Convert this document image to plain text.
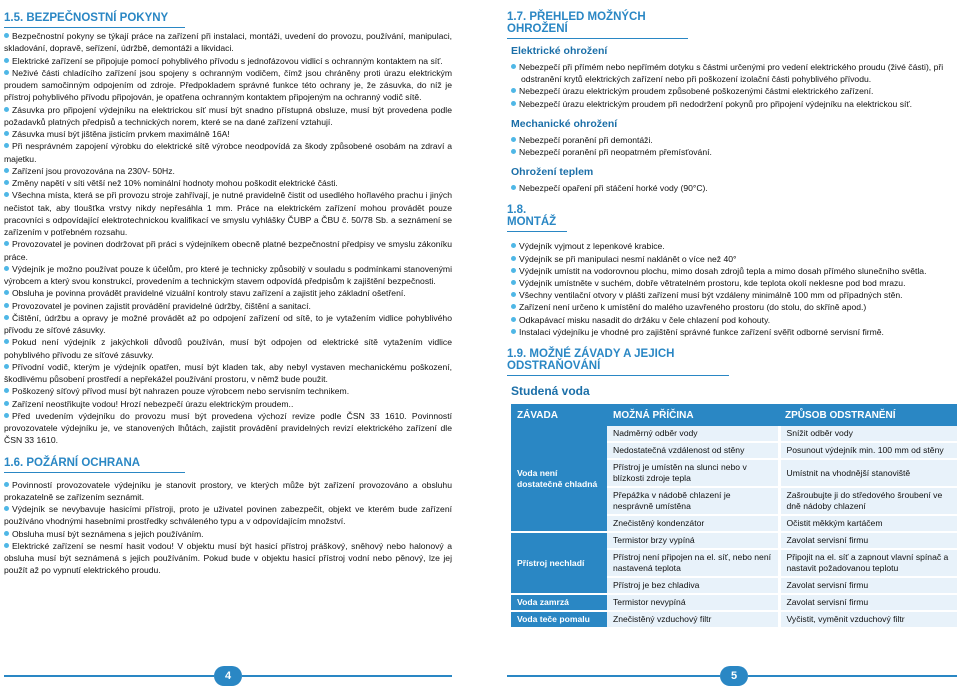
1.5. BEZPEČNOSTNÍ POKYNY

Bezpečnostní pokyny se týkají práce na zařízení při instalaci, montáži, uvedení do provozu, používání, manipulaci, skladování, dopravě, seřízení, údržbě, demontáži a likvidaci.

Elektrické zařízení se připojuje pomocí pohyblivého přívodu s jednofázovou vidlicí s ochranným kontaktem na síť.

Neživé části chladícího zařízení jsou spojeny s ochranným vodičem, čímž jsou chráněny proti úrazu elektrickým proudem samočinným odpojením od zdroje. Předpokladem správné funkce této ochrany je, že zásuvka, do níž je přístroj pohyblivého přívodu připojován, je opatřena ochranným kontaktem připojeným na ochranný vodič sítě.

Zásuvka pro připojení výdejníku na elektrickou síť musí být snadno přístupná obsluze, musí být provedena podle požadavků platných předpisů a technických norem, které se na dané zařízení vztahují.

Zásuvka musí být jištěna jisticím prvkem maximálně 16A!

Při nesprávném zapojení výrobku do elektrické sítě výrobce neodpovídá za škody způsobené osobám na zdraví a majetku.

Zařízení jsou provozována na 230V- 50Hz.

Změny napětí v síti větší než 10% nominální hodnoty mohou poškodit elektrické části.

Všechna místa, která se při provozu stroje zahřívají, je nutné pravidelně čistit od usedlého hořlavého prachu i jiných nečistot tak, aby tloušťka vrstvy nikdy nepřesáhla 1 mm. Práce na elektrickém zařízení mohou provádět pouze pracovníci s odpovídající elektrotechnickou kvalifikací ve smyslu vyhlášky ČUBP a ČBU č. 50/78 Sb. a seznámení se zařízením v potřebném rozsahu.

Provozovatel je povinen dodržovat při práci s výdejníkem obecně platné bezpečnostní předpisy ve smyslu zákoníku práce.

Výdejník je možno používat pouze k účelům, pro které je technicky způsobilý v souladu s podmínkami stanovenými výrobcem a který svou konstrukcí, provedením a technickým stavem odpovídá předpisům k zajištění bezpečnosti.

Obsluha je povinna provádět pravidelné vizuální kontroly stavu zařízení a zajistit jeho základní ošetření.

Provozovatel je povinen zajistit provádění pravidelné údržby, čištění a sanitací.

Čištění, údržbu a opravy je možné provádět až po odpojení zařízení od sítě, to je vytažením vidlice pohyblivého přívodu ze síťové zásuvky.

Pokud není výdejník z jakýchkoli důvodů používán, musí být odpojen od elektrické sítě vytažením vidlice pohyblivého přívodu ze síťové zásuvky.

Přívodní vodič, kterým je výdejník opatřen, musí být kladen tak, aby nebyl vystaven mechanickému poškození, škodlivému působení prostředí a nepřekážel používání prostoru, v němž bude použit.

Poškozený síťový přívod musí být nahrazen pouze výrobcem nebo servisním technikem.

Zařízení neostřikujte vodou! Hrozí nebezpečí úrazu elektrickým proudem..

Před uvedením výdejníku do provozu musí být provedena výchozí revize podle ČSN 33 1610. Povinností provozovatele výdejníku je, ve stanovených lhůtách, zajistit provádění pravidelných revizí elektrického zařízení dle ČSN 33 1610.

1.6. POŽÁRNÍ OCHRANA

Povinností provozovatele výdejníku je stanovit prostory, ve kterých může být zařízení provozováno a obsluhu prokazatelně se zařízením seznámit.

Výdejník se nevybavuje hasicími přístroji, proto je uživatel povinen zabezpečit, objekt ve kterém bude zařízení používáno vhodnými hasebními prostředky schváleného typu a v odpovídajícím množství.

Obsluha musí být seznámena s jejich používáním.

Elektrické zařízení se nesmí hasit vodou! V objektu musí být hasicí přístroj práškový, sněhový nebo halonový a obsluha musí být seznámená s jejich používáním. Pokud bude v objektu hasicí přístroj vodní nebo pěnový, lze jej použít až po vypnutí elektrického proudu.

1.7. PŘEHLED MOŽNÝCH OHROŽENÍ
Elektrické ohrožení

Nebezpečí při přímém nebo nepřímém dotyku s částmi určenými pro vedení elektrického proudu (živé části), při odstranění krytů elektrických zařízení nebo při poškození izolační části pohyblivého přívodu.

Nebezpečí úrazu elektrickým proudem způsobené poškozenými částmi elektrického zařízení.

Nebezpečí úrazu elektrickým proudem při nedodržení pokynů pro připojení výdejníku na elektrickou síť.

Mechanické ohrožení

Nebezpečí poranění při demontáži.

Nebezpečí poranění při neopatrném přemísťování.

Ohrožení teplem

Nebezpečí opaření při stáčení horké vody (90°C).

1.8. MONTÁŽ

Výdejník vyjmout z lepenkové krabice.

Výdejník se při manipulaci nesmí naklánět o více než 40°

Výdejník umístit na vodorovnou plochu, mimo dosah zdrojů tepla a mimo dosah přímého slunečního světla.

Výdejník umístněte v suchém, dobře větratelném prostoru, kde teplota okolí neklesne pod bod mrazu.

Všechny ventilační otvory v plášti zařízení musí být vzdáleny minimálně 100 mm od případných stěn.

Zařízení není určeno k umístění do malého uzavřeného prostoru (do stolu, do skříně apod.)

Odkapávací misku nasadit do držáku v čele chlazení pod kohouty.

Instalaci výdejníku je vhodné pro zajištění správné funkce zařízení svěřit odborné servisní firmě.

1.9. MOŽNÉ ZÁVADY A JEJICH ODSTRAŇOVÁNÍ
Studená voda
ZÁVADA	MOŽNÁ PŘÍČINA	ZPŮSOB ODSTRANĚNÍ
Voda není dostatečně chladná	Nadměrný odběr vody	Snížit odběr vody
	Nedostatečná vzdálenost od stěny	Posunout výdejník min. 100 mm od stěny
	Přístroj je umístěn na slunci nebo v blízkosti zdroje tepla	Umístnit na vhodnější stanoviště
	Přepážka v nádobě chlazení je nesprávně umístěna	Zašroubujte ji do středového šroubení ve dně nádoby chlazení
	Znečistěný kondenzátor	Očistit měkkým kartáčem
Přístroj nechladí	Termistor brzy vypíná	Zavolat servisní firmu
	Přístroj není připojen na el. síť, nebo není nastavená teplota	Připojit na el. síť a zapnout vlavní spínač a nastavit požadovanou teplotu
	Přístroj je bez chladiva	Zavolat servisní firmu
Voda zamrzá	Termistor nevypíná	Zavolat servisní firmu
Voda teče pomalu	Znečistěný vzduchový filtr	Vyčistit, vyměnit vzduchový filtr
4	5
